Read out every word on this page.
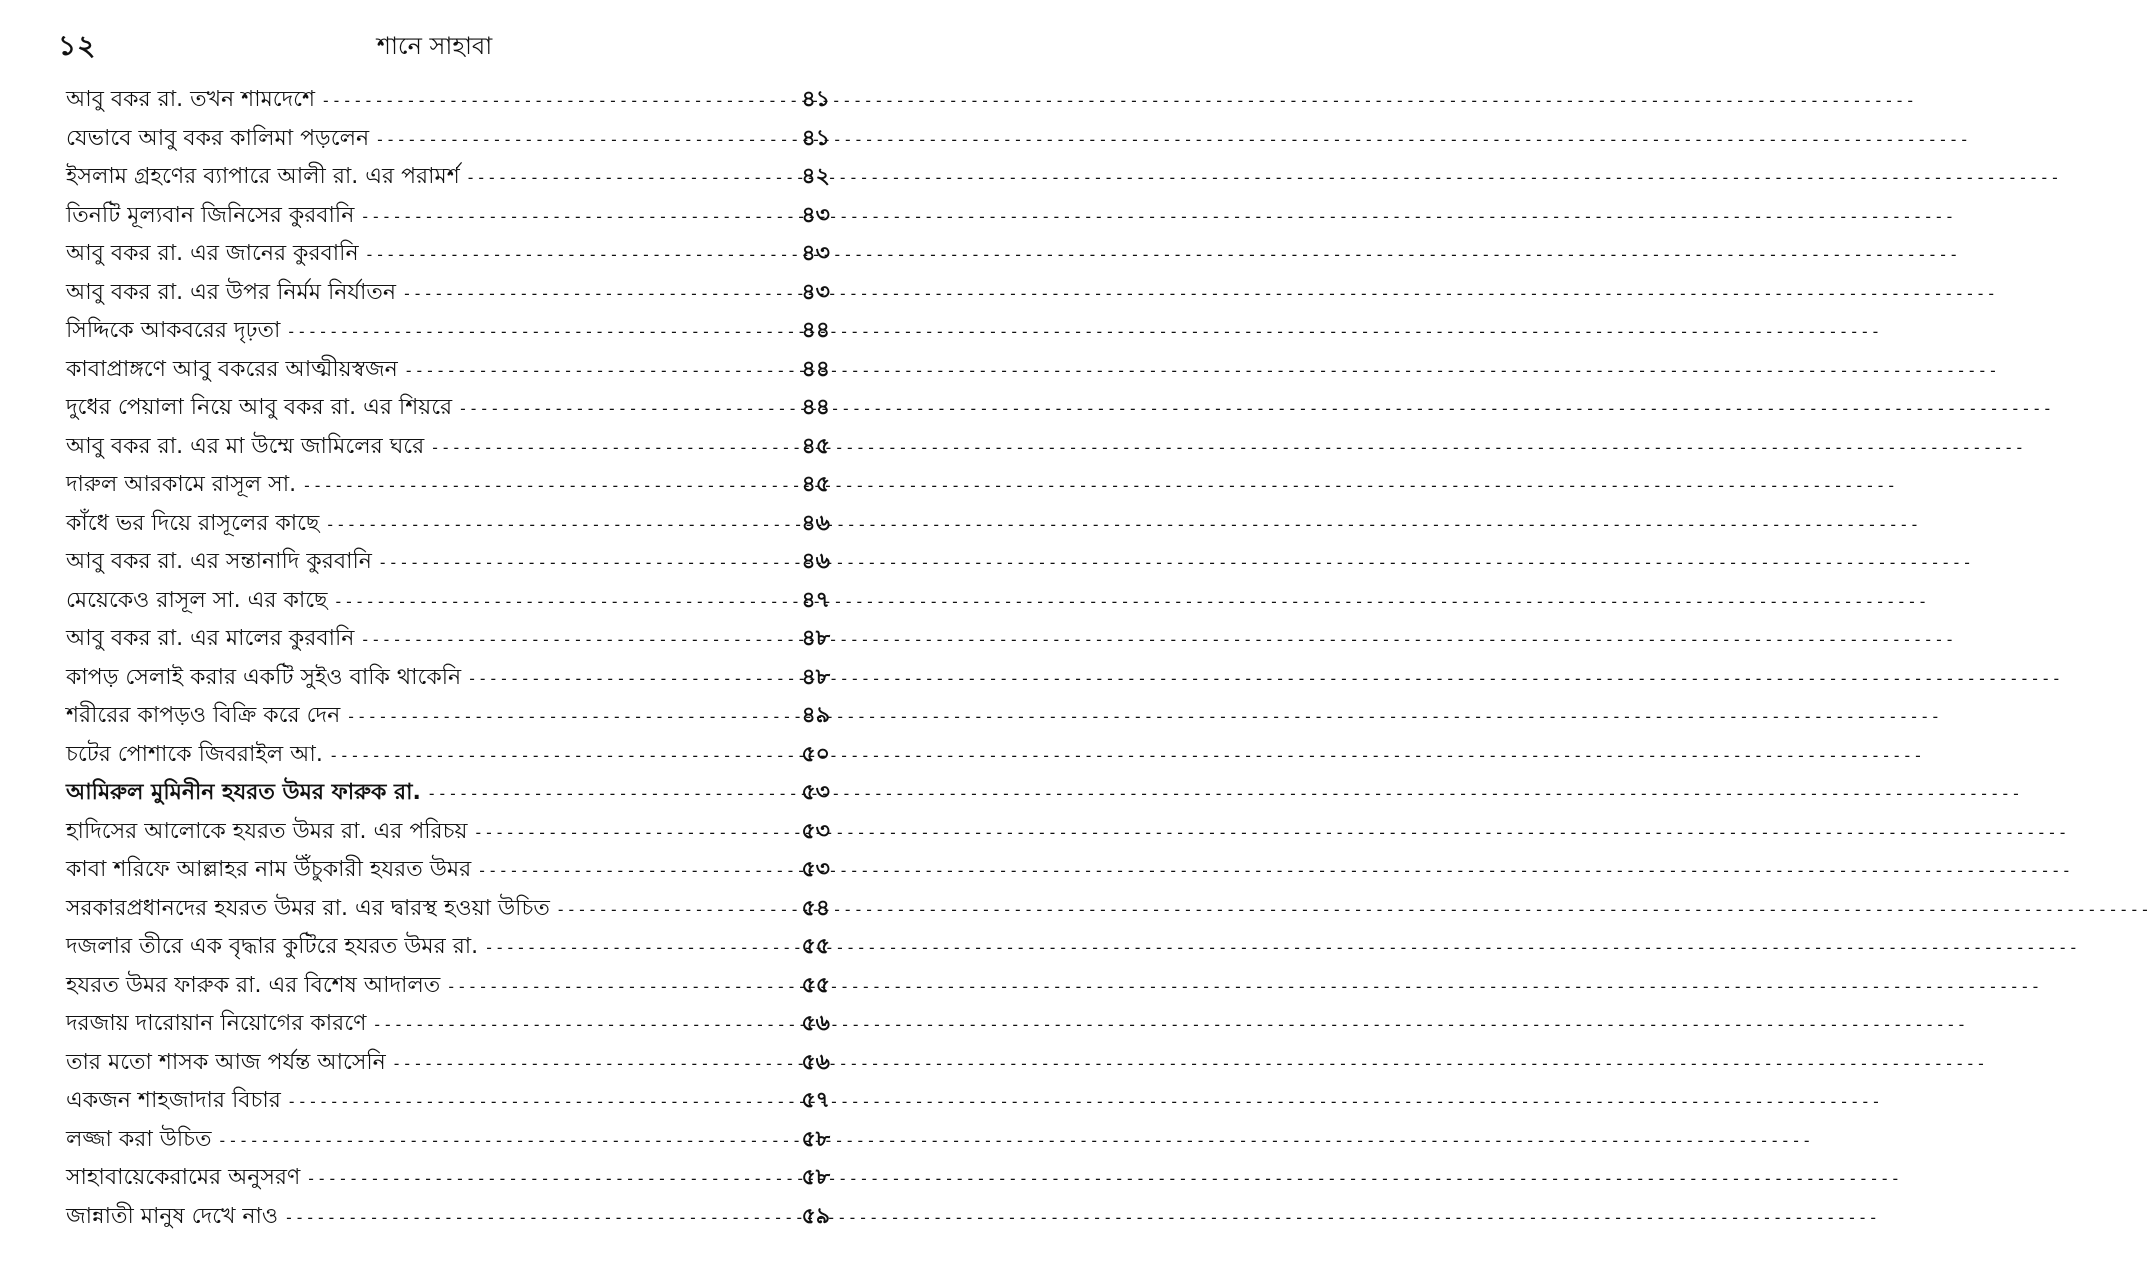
১২	শানে সাহাবা
আবু বকর রা. তখন শামদেশে -----	৪১
যেভাবে আবু বকর কালিমা পড়লেন -----	৪১
ইসলাম গ্রহণের ব্যাপারে আলী রা. এর পরামর্শ -----	৪২
তিনটি মূল্যবান জিনিসের কুরবানি -----	৪৩
আবু বকর রা. এর জানের কুরবানি -----	৪৩
আবু বকর রা. এর উপর নির্মম নির্যাতন -----	৪৩
সিদ্দিকে আকবরের দৃঢ়তা -----	৪৪
কাবাপ্রাঙ্গণে আবু বকরের আত্মীয়স্বজন -----	৪৪
দুধের পেয়ালা নিয়ে আবু বকর রা. এর শিয়রে -----	৪৪
আবু বকর রা. এর মা উম্মে জামিলের ঘরে -----	৪৫
দারুল আরকামে রাসূল সা. -----	৪৫
কাঁধে ভর দিয়ে রাসূলের কাছে -----	৪৬
আবু বকর রা. এর সন্তানাদি কুরবানি -----	৪৬
মেয়েকেও রাসূল সা. এর কাছে -----	৪৭
আবু বকর রা. এর মালের কুরবানি -----	৪৮
কাপড় সেলাই করার একটি সুইও বাকি থাকেনি -----	৪৮
শরীরের কাপড়ও বিক্রি করে দেন -----	৪৯
চটের পোশাকে জিবরাইল আ. -----	৫০
আমিরুল মুমিনীন হযরত উমর ফারুক রা. -----	৫৩
হাদিসের আলোকে হযরত উমর রা. এর পরিচয় -----	৫৩
কাবা শরিফে আল্লাহর নাম উঁচুকারী হযরত উমর -----	৫৩
সরকারপ্রধানদের হযরত উমর রা. এর দ্বারস্থ হওয়া উচিত -----	৫৪
দজলার তীরে এক বৃদ্ধার কুটিরে হযরত উমর রা. -----	৫৫
হযরত উমর ফারুক রা. এর বিশেষ আদালত -----	৫৫
দরজায় দারোয়ান নিয়োগের কারণে -----	৫৬
তার মতো শাসক আজ পর্যন্ত আসেনি -----	৫৬
একজন শাহজাদার বিচার -----	৫৭
লজ্জা করা উচিত -----	৫৮
সাহাবায়েকেরামের অনুসরণ -----	৫৮
জান্নাতী মানুষ দেখে নাও -----	৫৯
